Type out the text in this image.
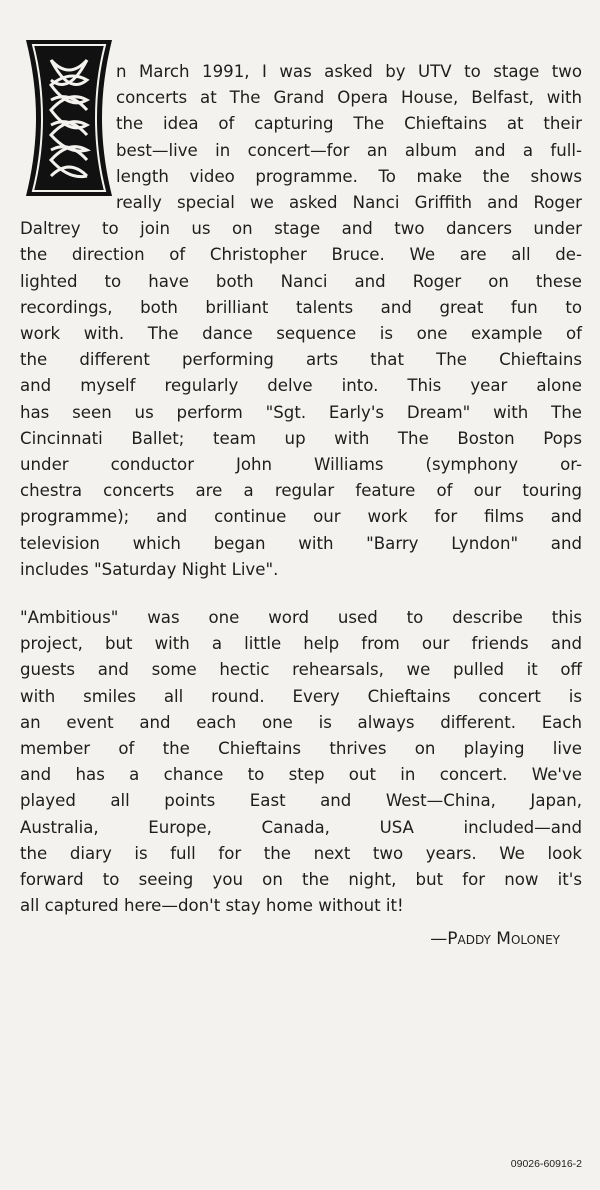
n March 1991, I was asked by UTV to stage two
concerts at The Grand Opera House, Belfast, with
the idea of capturing The Chieftains at their
best—live in concert—for an album and a full-
length video programme. To make the shows
really special we asked Nanci Griffith and Roger
Daltrey to join us on stage and two dancers under
the direction of Christopher Bruce. We are all de-
lighted to have both Nanci and Roger on these
recordings, both brilliant talents and great fun to
work with. The dance sequence is one example of
the different performing arts that The Chieftains
and myself regularly delve into. This year alone
has seen us perform "Sgt. Early's Dream" with The
Cincinnati Ballet; team up with The Boston Pops
under conductor John Williams (symphony or-
chestra concerts are a regular feature of our touring
programme); and continue our work for films and
television which began with "Barry Lyndon" and
includes "Saturday Night Live".
"Ambitious" was one word used to describe this
project, but with a little help from our friends and
guests and some hectic rehearsals, we pulled it off
with smiles all round. Every Chieftains concert is
an event and each one is always different. Each
member of the Chieftains thrives on playing live
and has a chance to step out in concert. We've
played all points East and West—China, Japan,
Australia, Europe, Canada, USA included—and
the diary is full for the next two years. We look
forward to seeing you on the night, but for now it's
all captured here—don't stay home without it!
—Paddy Moloney
09026-60916-2
